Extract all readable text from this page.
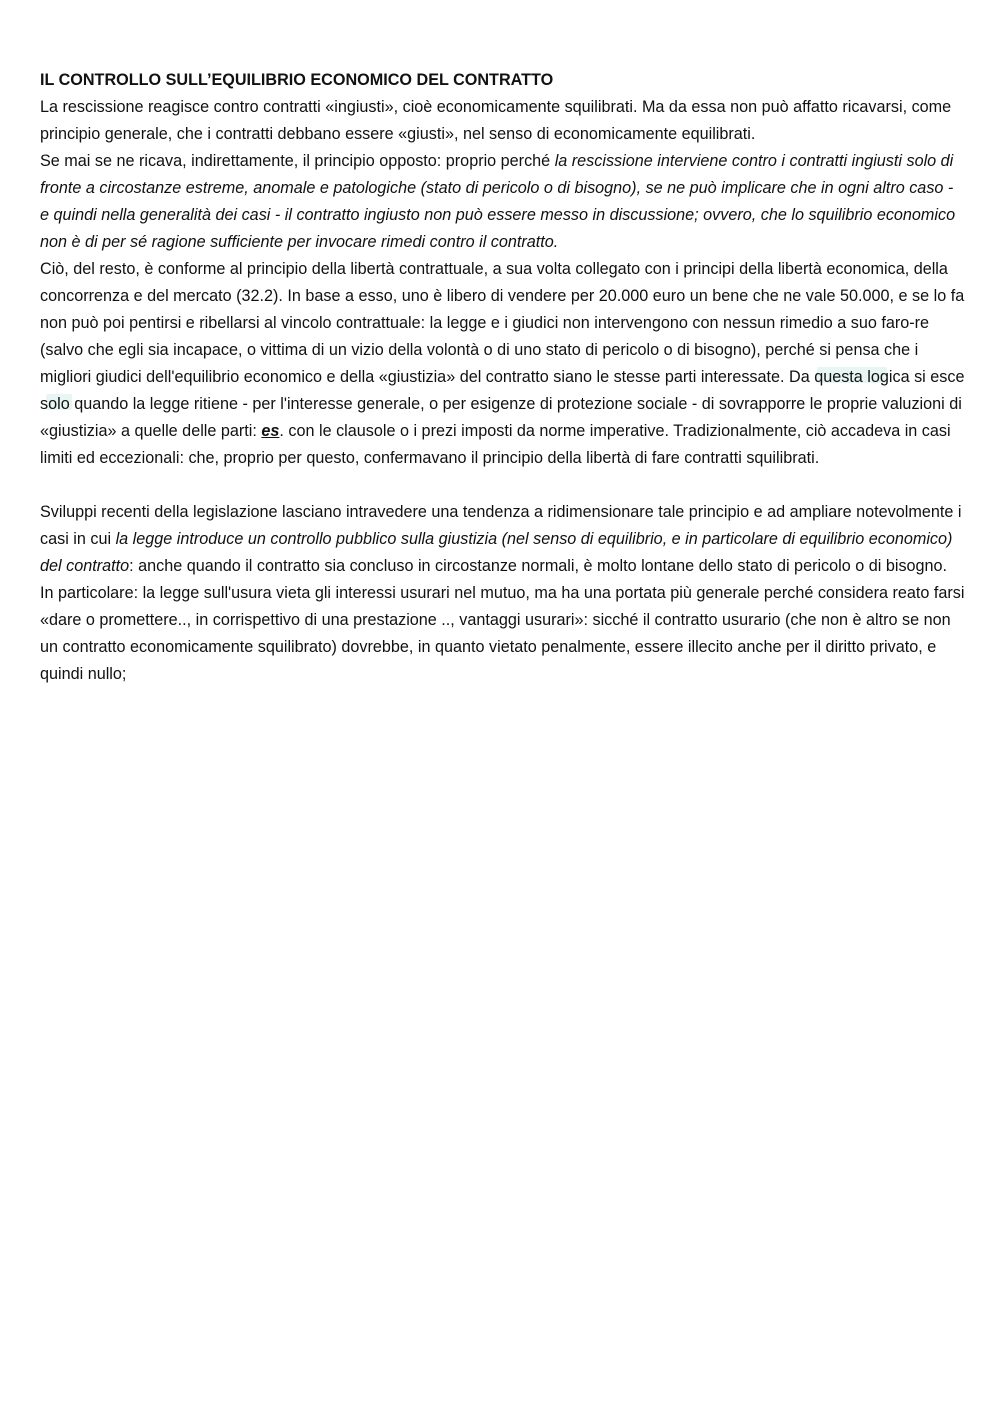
IL CONTROLLO SULL’EQUILIBRIO ECONOMICO DEL CONTRATTO

La rescissione reagisce contro contratti «ingiusti», cioè economicamente squilibrati. Ma da essa non può affatto ricavarsi, come principio generale, che i contratti debbano essere «giusti», nel senso di economicamente equilibrati.

Se mai se ne ricava, indirettamente, il principio opposto: proprio perché la rescissione interviene contro i contratti ingiusti solo di fronte a circostanze estreme, anomale e patologiche (stato di pericolo o di bisogno), se ne può implicare che in ogni altro caso - e quindi nella generalità dei casi - il contratto ingiusto non può essere messo in discussione; ovvero, che lo squilibrio economico non è di per sé ragione sufficiente per invocare rimedi contro il contratto.

Ciò, del resto, è conforme al principio della libertà contrattuale, a sua volta collegato con i principi della libertà economica, della concorrenza e del mercato (32.2). In base a esso, uno è libero di vendere per 20.000 euro un bene che ne vale 50.000, e se lo fa non può poi pentirsi e ribellarsi al vincolo contrattuale: la legge e i giudici non intervengono con nessun rimedio a suo faro-re (salvo che egli sia incapace, o vittima di un vizio della volontà o di uno stato di pericolo o di bisogno), perché si pensa che i migliori giudici dell'equilibrio economico e della «giustizia» del contratto siano le stesse parti interessate. Da questa logica si esce solo quando la legge ritiene - per l'interesse generale, o per esigenze di protezione sociale - di sovrapporre le proprie valuzioni di «giustizia» a quelle delle parti: es. con le clausole o i prezi imposti da norme imperative. Tradizionalmente, ciò accadeva in casi limiti ed eccezionali: che, proprio per questo, confermavano il principio della libertà di fare contratti squilibrati.

Sviluppi recenti della legislazione lasciano intravedere una tendenza a ridimensionare tale principio e ad ampliare notevolmente i casi in cui la legge introduce un controllo pubblico sulla giustizia (nel senso di equilibrio, e in particolare di equilibrio economico) del contratto: anche quando il contratto sia concluso in circostanze normali, è molto lontane dello stato di pericolo o di bisogno. In particolare: la legge sull'usura vieta gli interessi usurari nel mutuo, ma ha una portata più generale perché considera reato farsi «dare o promettere.., in corrispettivo di una prestazione .., vantaggi usurari»: sicché il contratto usurario (che non è altro se non un contratto economicamente squilibrato) dovrebbe, in quanto vietato penalmente, essere illecito anche per il diritto privato, e quindi nullo;
